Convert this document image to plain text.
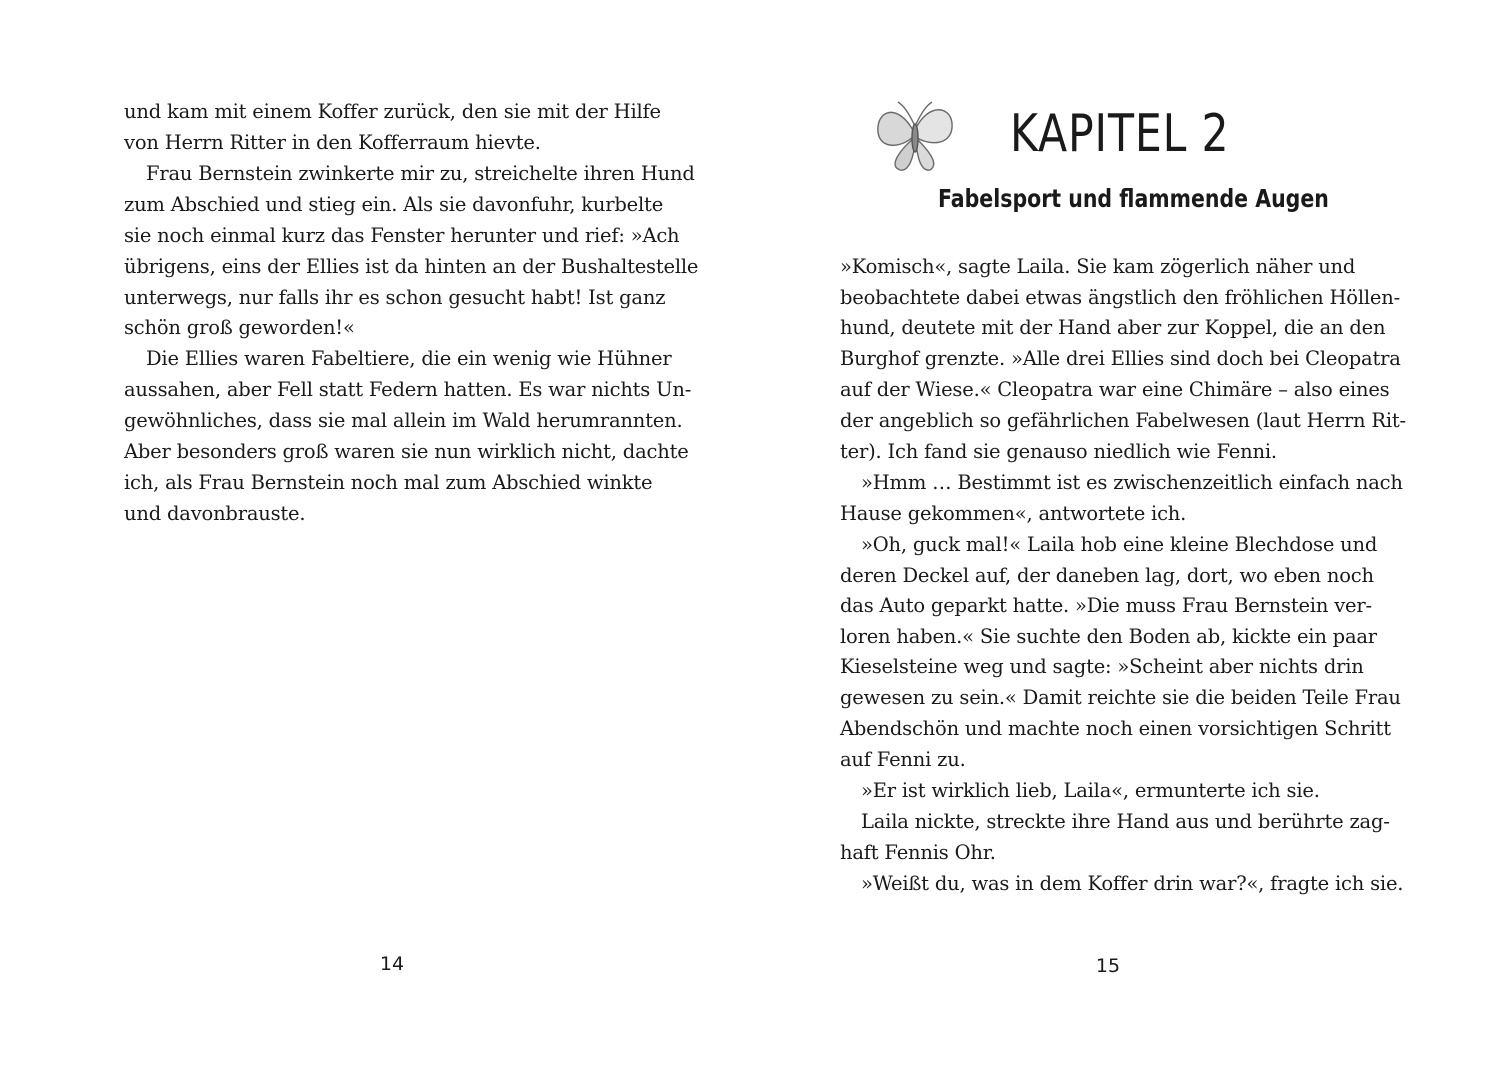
und kam mit einem Koffer zurück, den sie mit der Hilfe
von Herrn Ritter in den Kofferraum hievte.
Frau Bernstein zwinkerte mir zu, streichelte ihren Hund
zum Abschied und stieg ein. Als sie davonfuhr, kurbelte
sie noch einmal kurz das Fenster herunter und rief: »Ach
übrigens, eins der Ellies ist da hinten an der Bushaltestelle
unterwegs, nur falls ihr es schon gesucht habt! Ist ganz
schön groß geworden!«
Die Ellies waren Fabeltiere, die ein wenig wie Hühner
aussahen, aber Fell statt Federn hatten. Es war nichts Un-
gewöhnliches, dass sie mal allein im Wald herumrannten.
Aber besonders groß waren sie nun wirklich nicht, dachte
ich, als Frau Bernstein noch mal zum Abschied winkte
und davonbrauste.
14
KAPITEL 2
Fabelsport und flammende Augen
»Komisch«, sagte Laila. Sie kam zögerlich näher und
beobachtete dabei etwas ängstlich den fröhlichen Höllen-
hund, deutete mit der Hand aber zur Koppel, die an den
Burghof grenzte. »Alle drei Ellies sind doch bei Cleopatra
auf der Wiese.« Cleopatra war eine Chimäre – also eines
der angeblich so gefährlichen Fabelwesen (laut Herrn Rit-
ter). Ich fand sie genauso niedlich wie Fenni.
»Hmm … Bestimmt ist es zwischenzeitlich einfach nach
Hause gekommen«, antwortete ich.
»Oh, guck mal!« Laila hob eine kleine Blechdose und
deren Deckel auf, der daneben lag, dort, wo eben noch
das Auto geparkt hatte. »Die muss Frau Bernstein ver-
loren haben.« Sie suchte den Boden ab, kickte ein paar
Kieselsteine weg und sagte: »Scheint aber nichts drin
gewesen zu sein.« Damit reichte sie die beiden Teile Frau
Abendschön und machte noch einen vorsichtigen Schritt
auf Fenni zu.
»Er ist wirklich lieb, Laila«, ermunterte ich sie.
Laila nickte, streckte ihre Hand aus und berührte zag-
haft Fennis Ohr.
»Weißt du, was in dem Koffer drin war?«, fragte ich sie.
15
